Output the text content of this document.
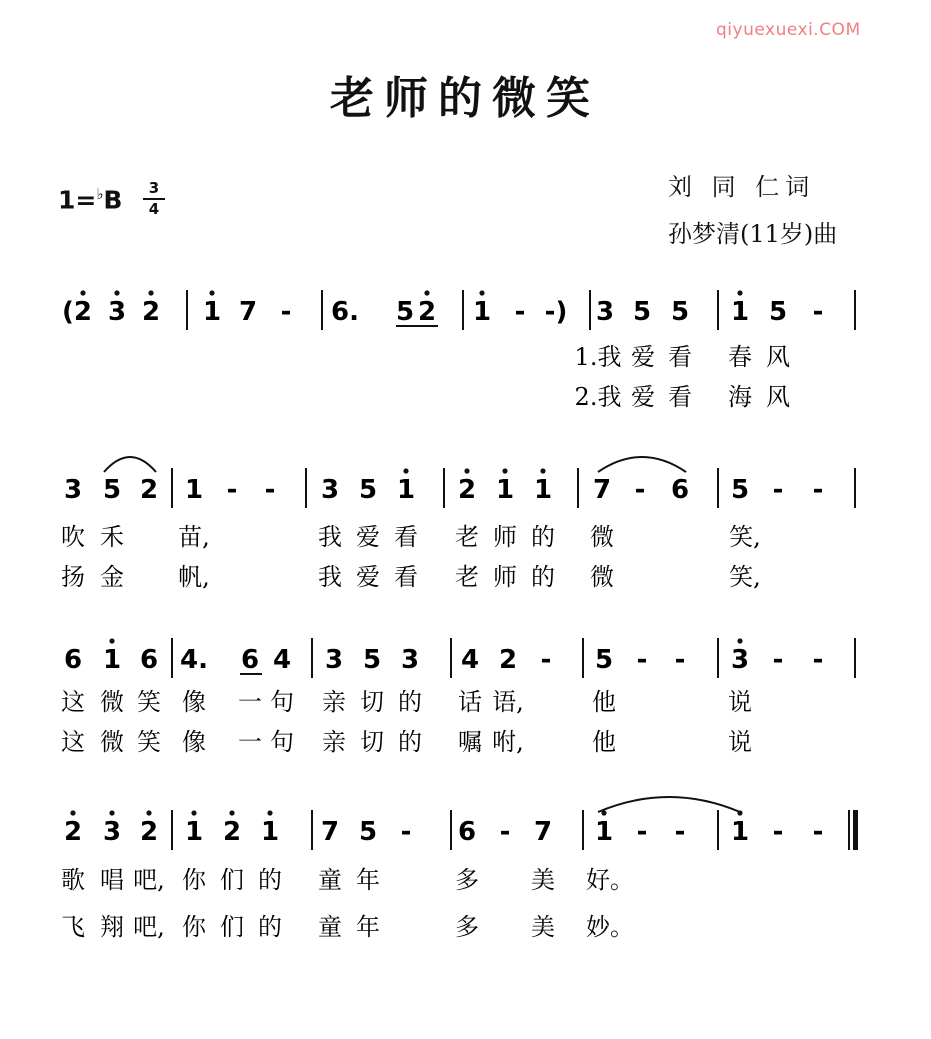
qiyuexuexi.COM
老师的微笑
刘 同 仁词
孙梦清(11岁)曲
1=♭B	3
4
(2 3 2 1 7 - 6. 5 2 1 - -) 3 5 5 1 5 -
3 5 2 1 - - 3 5 1 2 1 1 7 - 6 5 - -
6 1 6 4. 6 4 3 5 3 4 2 - 5 - - 3 - -
2 3 2 1 2 1 7 5 - 6 - 7 1 - - 1 - -
1.我 爱 看 春 风
2.我 爱 看 海 风
吹 禾 苗,	我 爱 看 老 师 的 微	笑,
扬 金 帆,	我 爱 看 老 师 的 微	笑,
这 微 笑 像 一 句 亲 切 的 话 语,	他	说
这 微 笑 像 一 句 亲 切 的 嘱 咐,	他	说
歌 唱 吧, 你 们 的 童 年	多 美 好。
飞 翔 吧, 你 们 的 童 年	多 美 妙。
